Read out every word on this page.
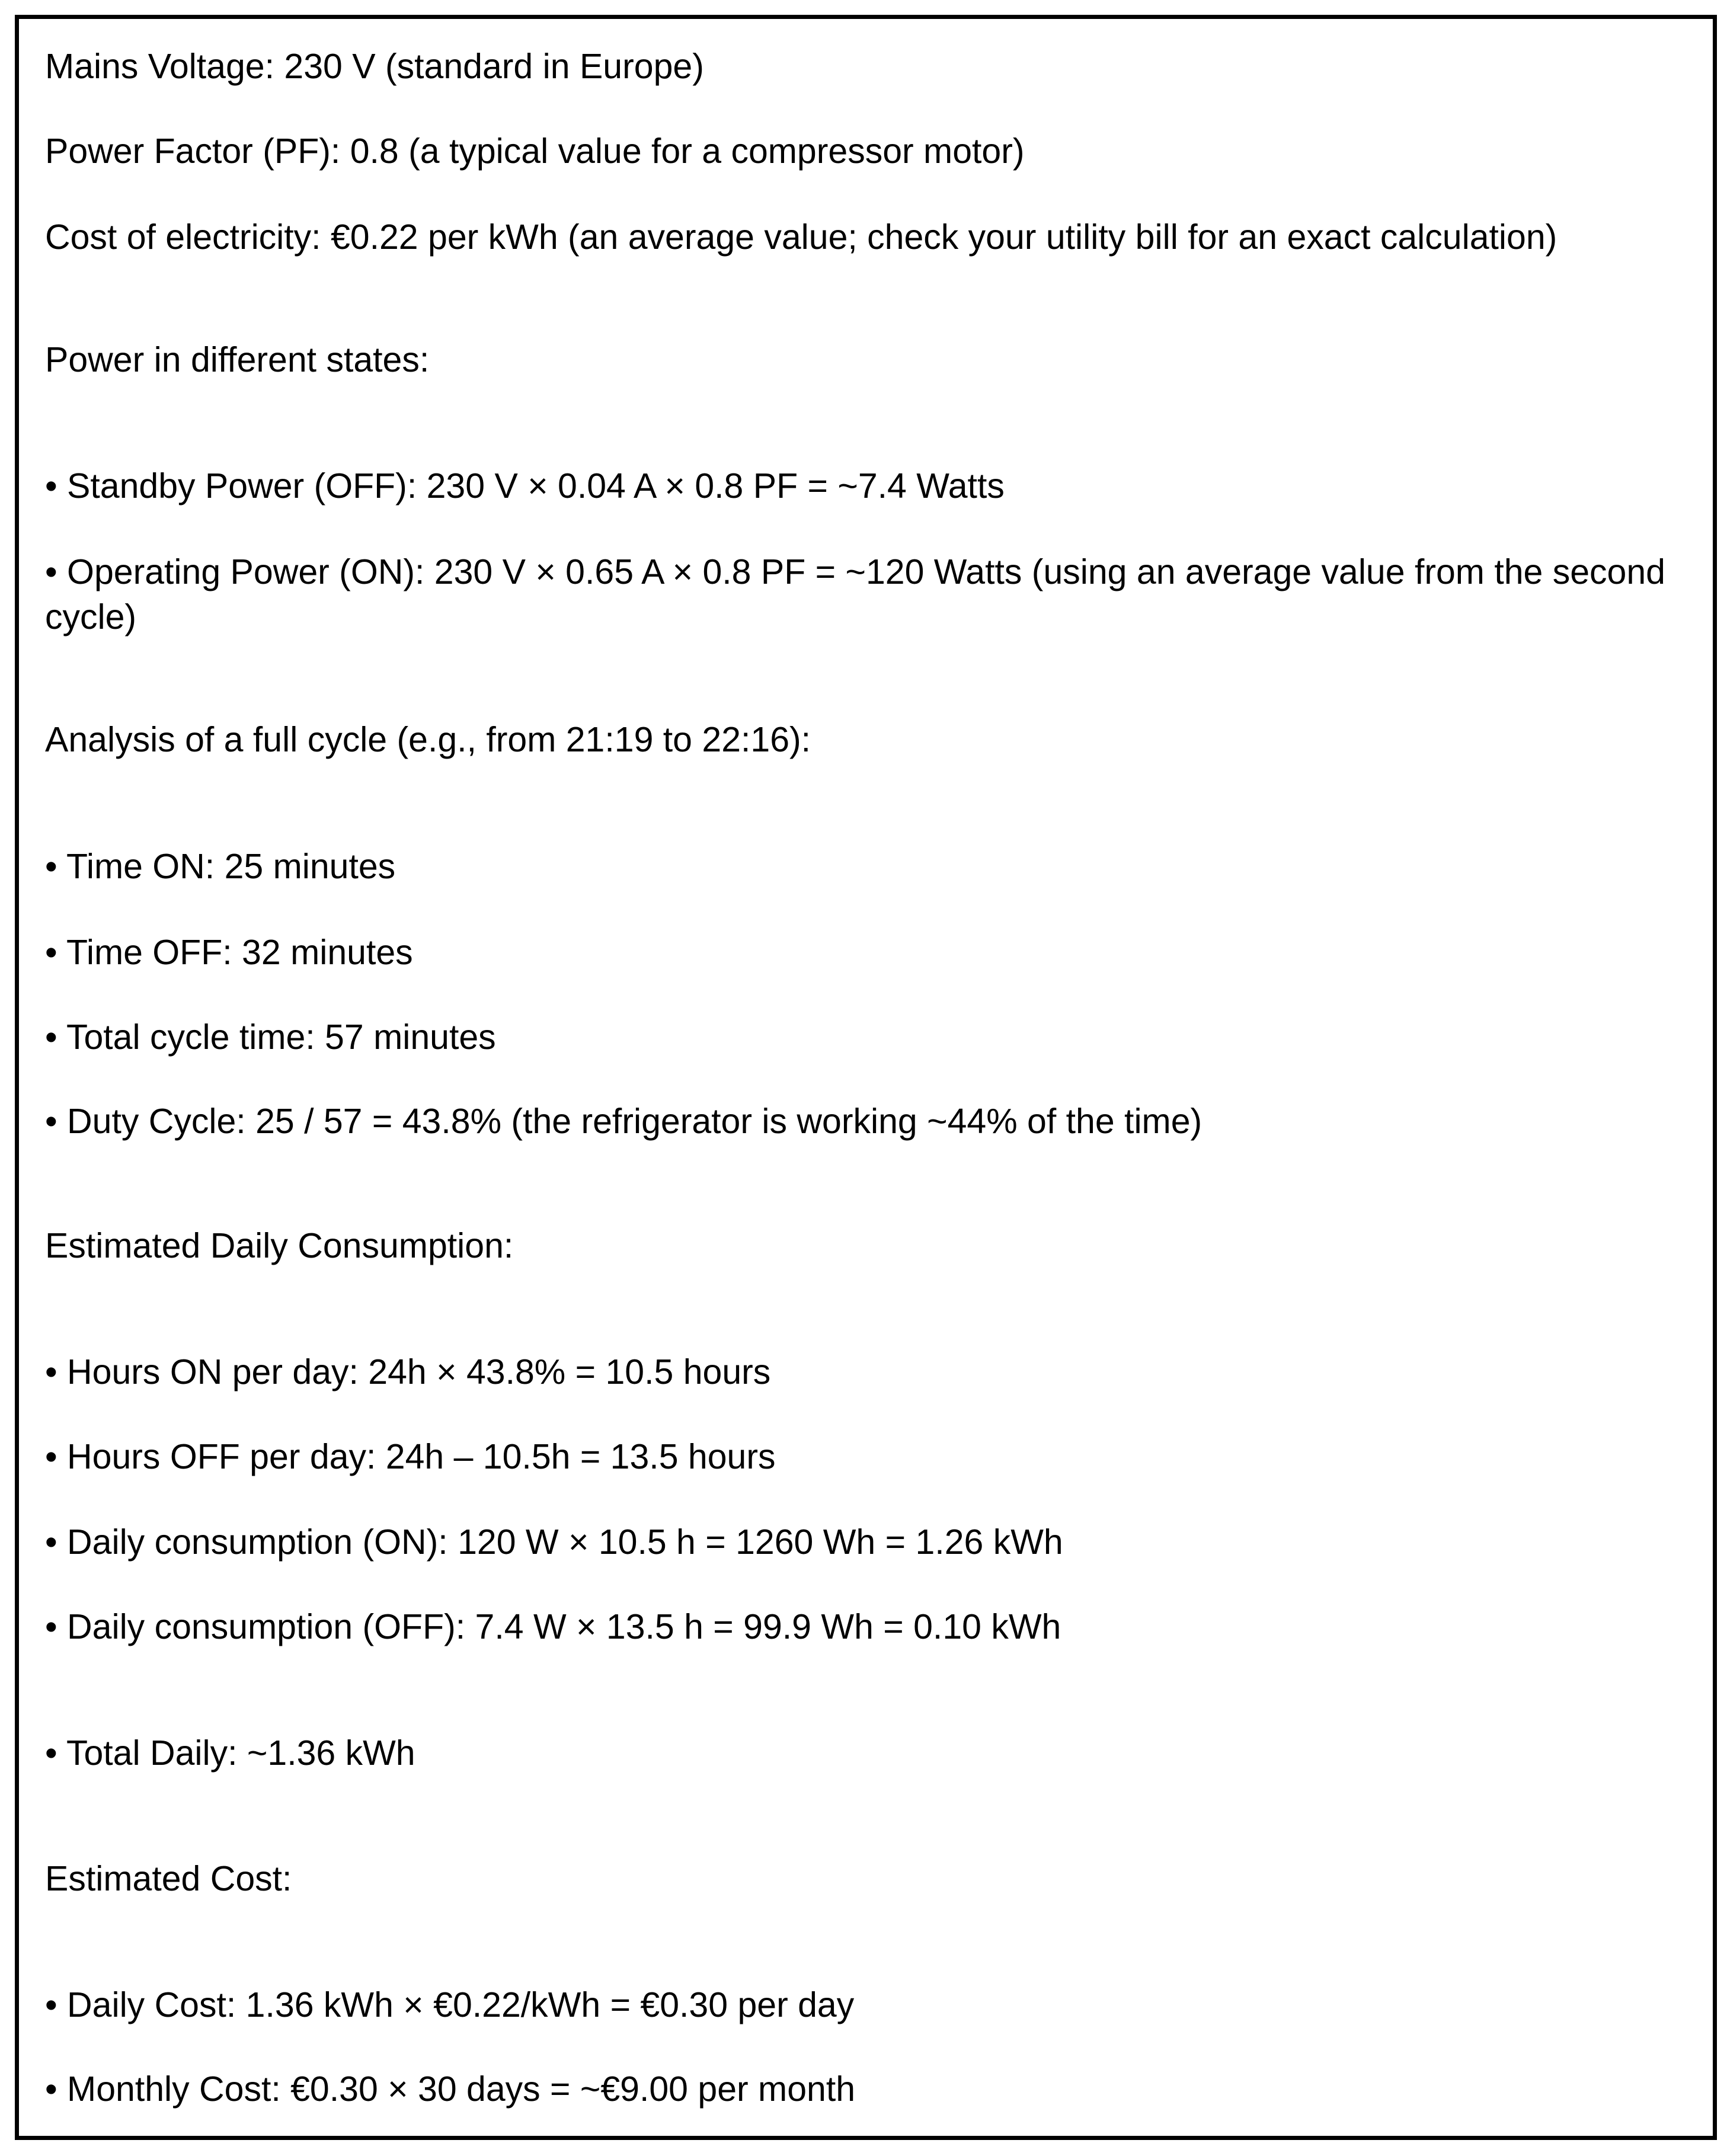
Mains Voltage: 230 V (standard in Europe)

Power Factor (PF): 0.8 (a typical value for a compressor motor)

Cost of electricity: €0.22 per kWh (an average value; check your utility bill for an exact calculation)

Power in different states:

• Standby Power (OFF): 230 V × 0.04 A × 0.8 PF = ~7.4 Watts

• Operating Power (ON): 230 V × 0.65 A × 0.8 PF = ~120 Watts (using an average value from the second cycle)

Analysis of a full cycle (e.g., from 21:19 to 22:16):

• Time ON: 25 minutes

• Time OFF: 32 minutes

• Total cycle time: 57 minutes

• Duty Cycle: 25 / 57 = 43.8% (the refrigerator is working ~44% of the time)

Estimated Daily Consumption:

• Hours ON per day: 24h × 43.8% = 10.5 hours

• Hours OFF per day: 24h – 10.5h = 13.5 hours

• Daily consumption (ON): 120 W × 10.5 h = 1260 Wh = 1.26 kWh

• Daily consumption (OFF): 7.4 W × 13.5 h = 99.9 Wh = 0.10 kWh

• Total Daily: ~1.36 kWh

Estimated Cost:

• Daily Cost: 1.36 kWh × €0.22/kWh = €0.30 per day

• Monthly Cost: €0.30 × 30 days = ~€9.00 per month
